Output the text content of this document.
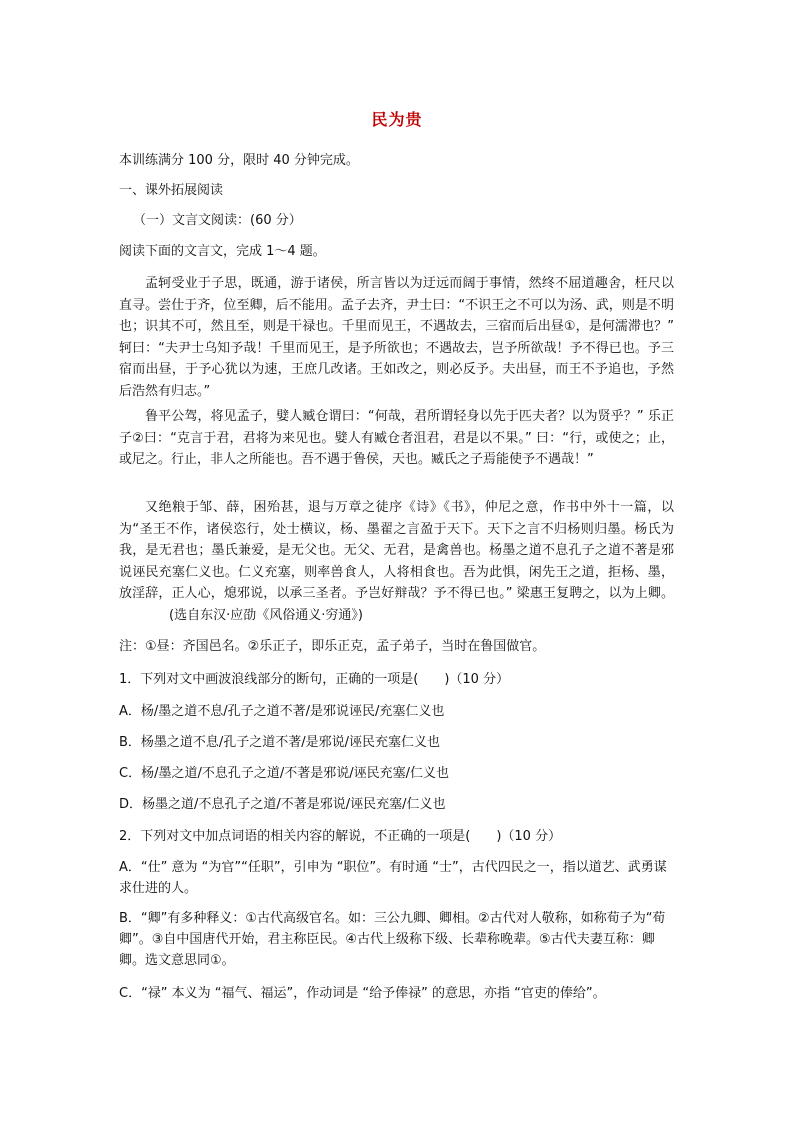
民为贵
本训练满分 100 分，限时 40 分钟完成。
一、课外拓展阅读
（一）文言文阅读：(60 分）
阅读下面的文言文，完成 1～4 题。
孟轲受业于子思，既通，游于诸侯，所言皆以为迂远而阔于事情，然终不屈道趣舍，枉尺以直寻。尝仕于齐，位至卿，后不能用。孟子去齐，尹士曰：“不识王之不可以为汤、武，则是不明也；识其不可，然且至，则是干禄也。千里而见王，不遇故去，三宿而后出昼①，是何濡滞也？” 轲曰：“夫尹士乌知予哉！千里而见王，是予所欲也；不遇故去，岂予所欲哉！予不得已也。予三宿而出昼，于予心犹以为速，王庶几改诸。王如改之，则必反予。夫出昼，而王不予追也，予然后浩然有归志。”
鲁平公驾，将见孟子，嬖人臧仓谓曰：“何哉，君所谓轻身以先于匹夫者？以为贤乎？” 乐正子②曰：“克言于君，君将为来见也。嬖人有臧仓者沮君，君是以不果。” 曰：“行，或使之；止，或尼之。行止，非人之所能也。吾不遇于鲁侯，天也。臧氏之子焉能使予不遇哉！”
又绝粮于邹、薛，困殆甚，退与万章之徒序《诗》《书》，仲尼之意，作书中外十一篇，以为“圣王不作，诸侯恣行，处士横议，杨、墨翟之言盈于天下。天下之言不归杨则归墨。杨氏为我，是无君也；墨氏兼爱，是无父也。无父、无君，是禽兽也。杨墨之道不息孔子之道不著是邪说诬民充塞仁义也。仁义充塞，则率兽食人，人将相食也。吾为此惧，闲先王之道，拒杨、墨，放淫辞，正人心，熄邪说，以承三圣者。予岂好辩哉？予不得已也。” 梁惠王复聘之，以为上卿。(选自东汉·应劭《风俗通义·穷通》)
注：①昼：齐国邑名。②乐正子，即乐正克，孟子弟子，当时在鲁国做官。
1．下列对文中画波浪线部分的断句，正确的一项是(　　)（10 分）
A．杨/墨之道不息/孔子之道不著/是邪说诬民/充塞仁义也
B．杨墨之道不息/孔子之道不著/是邪说/诬民充塞仁义也
C．杨/墨之道/不息孔子之道/不著是邪说/诬民充塞/仁义也
D．杨墨之道/不息孔子之道/不著是邪说/诬民充塞/仁义也
2．下列对文中加点词语的相关内容的解说，不正确的一项是(　　)（10 分）
A．“仕” 意为 “为官”“任职”，引申为 “职位”。有时通 “士”，古代四民之一，指以道艺、武勇谋求仕进的人。
B．“卿”有多种释义：①古代高级官名。如：三公九卿、卿相。②古代对人敬称，如称荀子为“荀卿”。③自中国唐代开始，君主称臣民。④古代上级称下级、长辈称晚辈。⑤古代夫妻互称：卿卿。选文意思同①。
C．“禄” 本义为 “福气、福运”，作动词是 “给予俸禄” 的意思，亦指 “官吏的俸给”。
